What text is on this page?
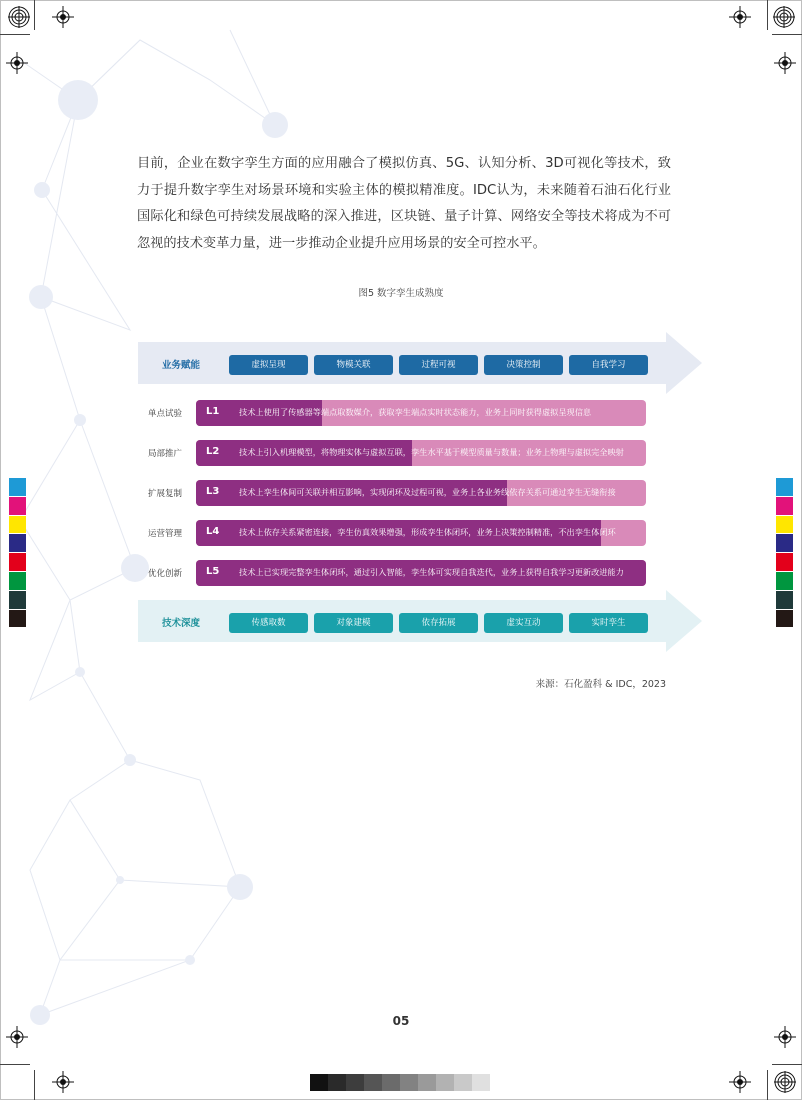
目前，企业在数字孪生方面的应用融合了模拟仿真、5G、认知分析、3D可视化等技术，致力于提升数字孪生对场景环境和实验主体的模拟精准度。IDC认为，未来随着石油石化行业国际化和绿色可持续发展战略的深入推进，区块链、量子计算、网络安全等技术将成为不可忽视的技术变革力量，进一步推动企业提升应用场景的安全可控水平。
图5 数字孪生成熟度
业务赋能	虚拟呈现	物模关联	过程可视	决策控制	自我学习
单点试验 L1 技术上使用了传感器等端点取数媒介，获取孪生端点实时状态能力，业务上同时获得虚拟呈现信息
局部推广 L2 技术上引入机理模型，将物理实体与虚拟互联，孪生水平基于模型质量与数量；业务上物理与虚拟完全映射
扩展复制 L3 技术上孪生体间可关联并相互影响，实现闭环及过程可视，业务上各业务线依存关系可通过孪生无缝衔接
运营管理 L4 技术上依存关系紧密连接，孪生仿真效果增强，形成孪生体闭环，业务上决策控制精准，不出孪生体闭环
优化创新 L5 技术上已实现完整孪生体闭环，通过引入智能，孪生体可实现自我迭代，业务上获得自我学习更新改进能力
技术深度	传感取数	对象建模	依存拓展	虚实互动	实时孪生
来源：石化盈科 & IDC，2023
05
